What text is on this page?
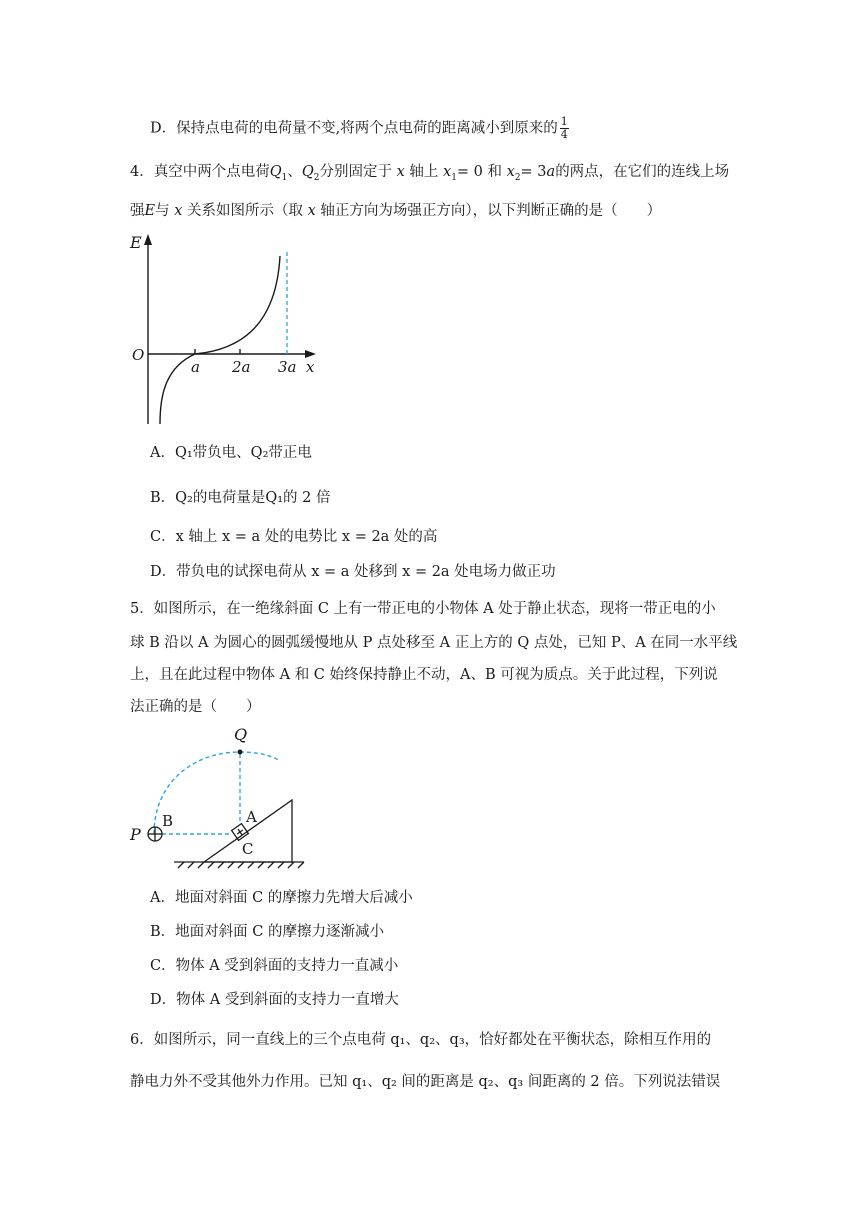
D．保持点电荷的电荷量不变,将两个点电荷的距离减小到原来的 $\frac{1}{4}$
4．真空中两个点电荷$Q_1$、$Q_2$分别固定于 x 轴上 $x_1= 0$ 和 $x_2= 3a$的两点，在它们的连线上场
强E与 x 关系如图所示（取 x 轴正方向为场强正方向），以下判断正确的是（　　）
E
O
x
a 2a 3a
A．Q₁带负电、Q₂带正电
B．Q₂的电荷量是Q₁的 2 倍
C．x 轴上 x = a 处的电势比 x = 2a 处的高
D．带负电的试探电荷从 x = a 处移到 x = 2a 处电场力做正功
5．如图所示，在一绝缘斜面 C 上有一带正电的小物体 A 处于静止状态，现将一带正电的小
球 B 沿以 A 为圆心的圆弧缓慢地从 P 点处移至 A 正上方的 Q 点处，已知 P、A 在同一水平线
上，且在此过程中物体 A 和 C 始终保持静止不动，A、B 可视为质点。关于此过程，下列说
法正确的是（　　）
Q
P
B	A
C
A．地面对斜面 C 的摩擦力先增大后减小
B．地面对斜面 C 的摩擦力逐渐减小
C．物体 A 受到斜面的支持力一直减小
D．物体 A 受到斜面的支持力一直增大
6．如图所示，同一直线上的三个点电荷 q₁、q₂、q₃，恰好都处在平衡状态，除相互作用的
静电力外不受其他外力作用。已知 q₁、q₂ 间的距离是 q₂、q₃ 间距离的 2 倍。下列说法错误
